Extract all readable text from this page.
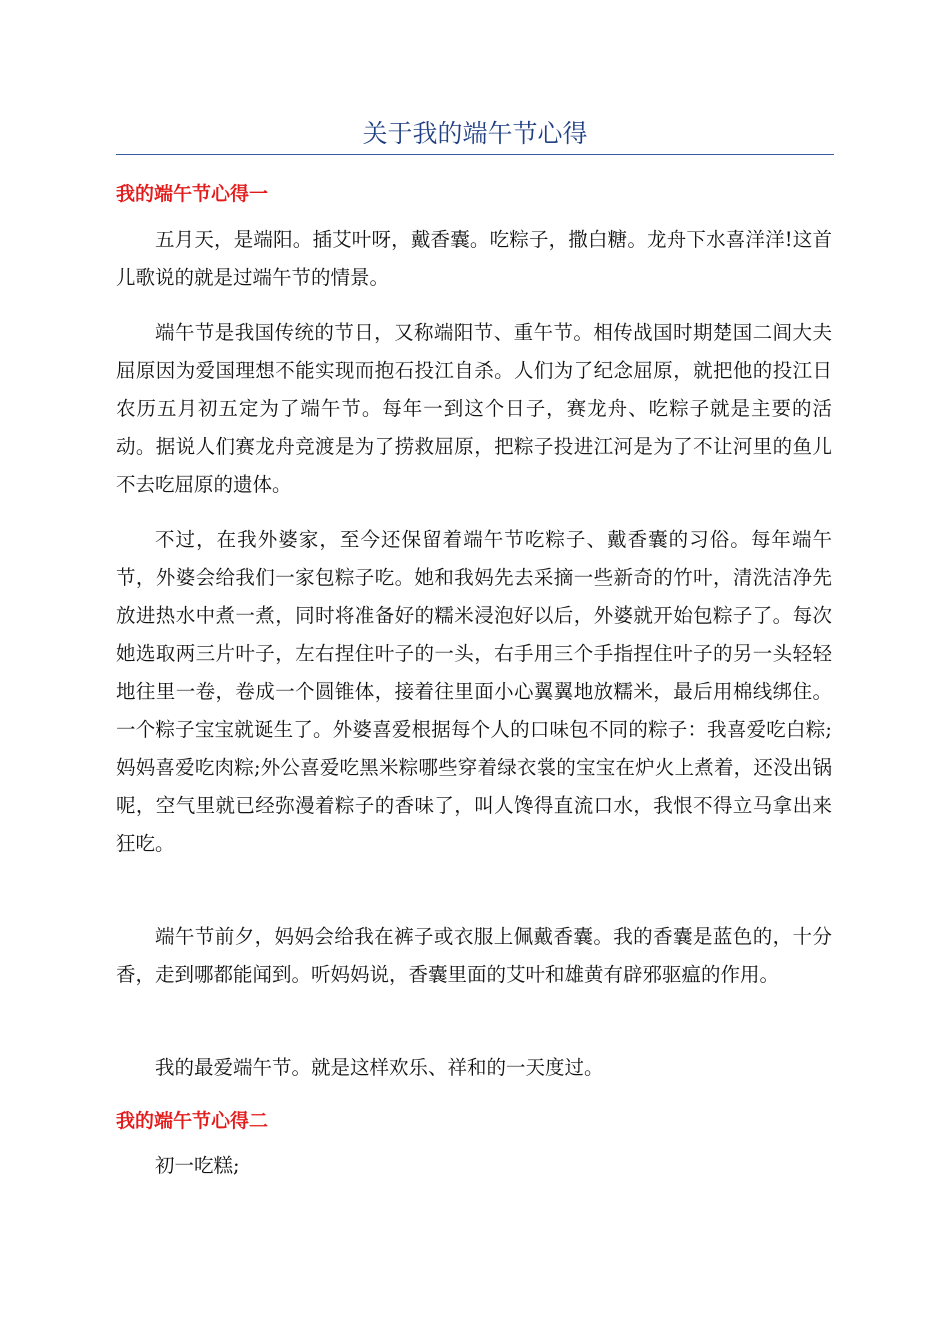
关于我的端午节心得
我的端午节心得一

五月天，是端阳。插艾叶呀，戴香囊。吃粽子，撒白糖。龙舟下水喜洋洋!这首儿歌说的就是过端午节的情景。

端午节是我国传统的节日，又称端阳节、重午节。相传战国时期楚国二闾大夫屈原因为爱国理想不能实现而抱石投江自杀。人们为了纪念屈原，就把他的投江日农历五月初五定为了端午节。每年一到这个日子，赛龙舟、吃粽子就是主要的活动。据说人们赛龙舟竞渡是为了捞救屈原，把粽子投进江河是为了不让河里的鱼儿不去吃屈原的遗体。

不过，在我外婆家，至今还保留着端午节吃粽子、戴香囊的习俗。每年端午节，外婆会给我们一家包粽子吃。她和我妈先去采摘一些新奇的竹叶，清洗洁净先放进热水中煮一煮，同时将准备好的糯米浸泡好以后，外婆就开始包粽子了。每次她选取两三片叶子，左右捏住叶子的一头，右手用三个手指捏住叶子的另一头轻轻地往里一卷，卷成一个圆锥体，接着往里面小心翼翼地放糯米，最后用棉线绑住。一个粽子宝宝就诞生了。外婆喜爱根据每个人的口味包不同的粽子：我喜爱吃白粽;妈妈喜爱吃肉粽;外公喜爱吃黑米粽哪些穿着绿衣裳的宝宝在炉火上煮着，还没出锅呢，空气里就已经弥漫着粽子的香味了，叫人馋得直流口水，我恨不得立马拿出来狂吃。

端午节前夕，妈妈会给我在裤子或衣服上佩戴香囊。我的香囊是蓝色的，十分香，走到哪都能闻到。听妈妈说，香囊里面的艾叶和雄黄有辟邪驱瘟的作用。

我的最爱端午节。就是这样欢乐、祥和的一天度过。

我的端午节心得二

初一吃糕;
